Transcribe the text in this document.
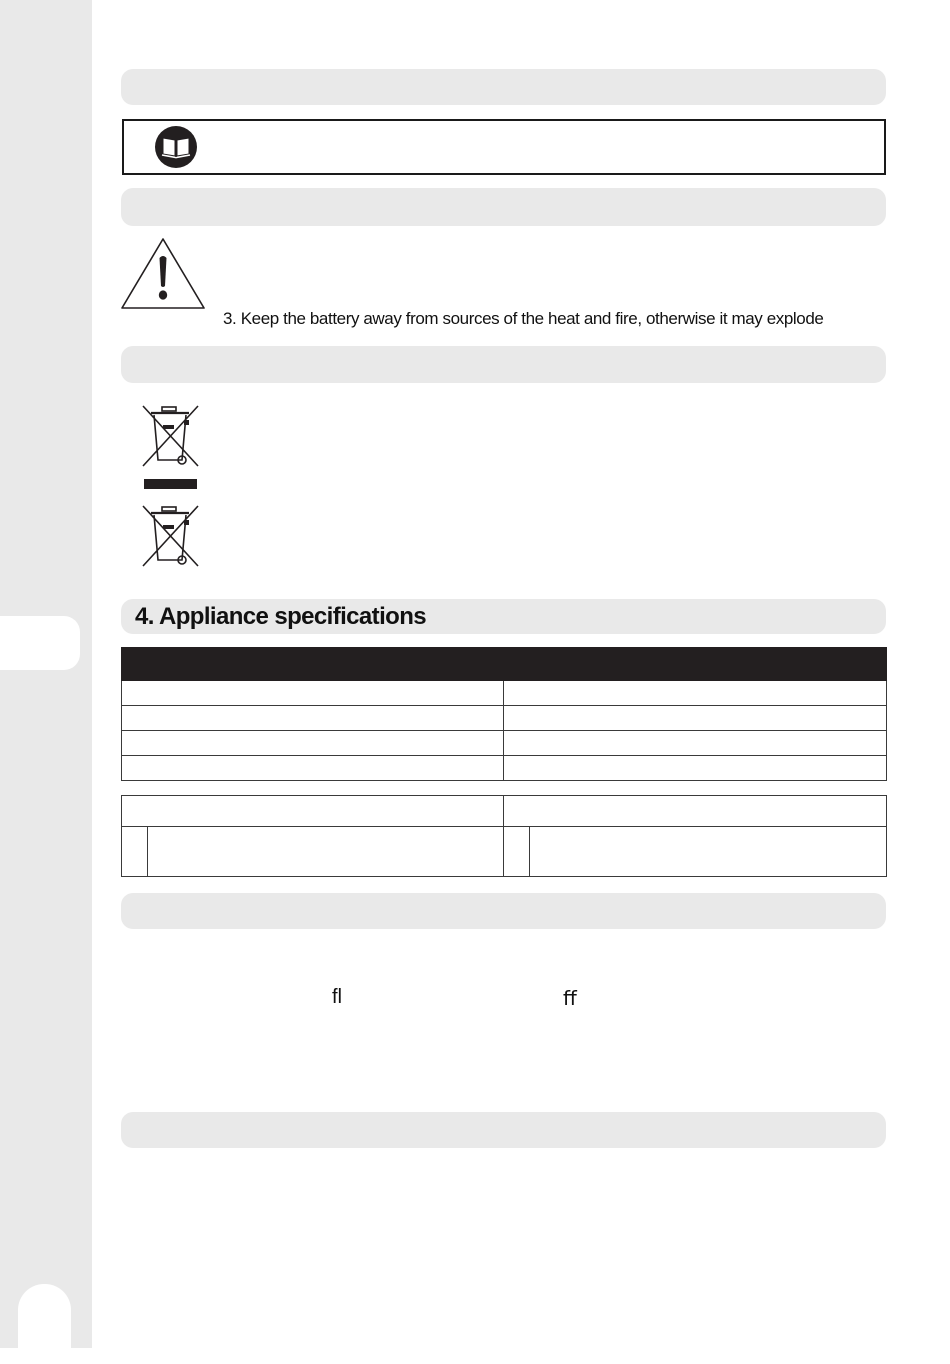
3. Keep the battery away from sources of the heat and fire, otherwise it may explode
4. Appliance specifications

ﬂ	ﬀ
